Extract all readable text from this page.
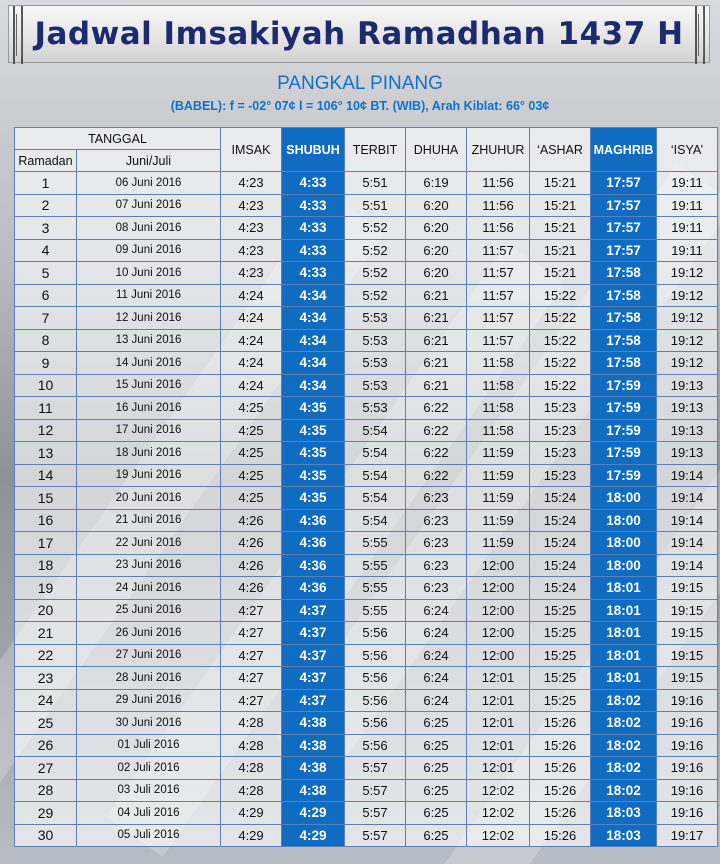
Jadwal Imsakiyah Ramadhan 1437 H
PANGKAL PINANG
(BABEL): f = -02° 07¢ l = 106° 10¢ BT. (WIB), Arah Kiblat: 66° 03¢
TANGGAL		IMSAK	SHUBUH	TERBIT	DHUHA	ZHUHUR	‘ASHAR	MAGHRIB	‘ISYA’
Ramadan	Juni/Juli								
1	06 Juni 2016	4:23	4:33	5:51	6:19	11:56	15:21	17:57	19:11
2	07 Juni 2016	4:23	4:33	5:51	6:20	11:56	15:21	17:57	19:11
3	08 Juni 2016	4:23	4:33	5:52	6:20	11:56	15:21	17:57	19:11
4	09 Juni 2016	4:23	4:33	5:52	6:20	11:57	15:21	17:57	19:11
5	10 Juni 2016	4:23	4:33	5:52	6:20	11:57	15:21	17:58	19:12
6	11 Juni 2016	4:24	4:34	5:52	6:21	11:57	15:22	17:58	19:12
7	12 Juni 2016	4:24	4:34	5:53	6:21	11:57	15:22	17:58	19:12
8	13 Juni 2016	4:24	4:34	5:53	6:21	11:57	15:22	17:58	19:12
9	14 Juni 2016	4:24	4:34	5:53	6:21	11:58	15:22	17:58	19:12
10	15 Juni 2016	4:24	4:34	5:53	6:21	11:58	15:22	17:59	19:13
11	16 Juni 2016	4:25	4:35	5:53	6:22	11:58	15:23	17:59	19:13
12	17 Juni 2016	4:25	4:35	5:54	6:22	11:58	15:23	17:59	19:13
13	18 Juni 2016	4:25	4:35	5:54	6:22	11:59	15:23	17:59	19:13
14	19 Juni 2016	4:25	4:35	5:54	6:22	11:59	15:23	17:59	19:14
15	20 Juni 2016	4:25	4:35	5:54	6:23	11:59	15:24	18:00	19:14
16	21 Juni 2016	4:26	4:36	5:54	6:23	11:59	15:24	18:00	19:14
17	22 Juni 2016	4:26	4:36	5:55	6:23	11:59	15:24	18:00	19:14
18	23 Juni 2016	4:26	4:36	5:55	6:23	12:00	15:24	18:00	19:14
19	24 Juni 2016	4:26	4:36	5:55	6:23	12:00	15:24	18:01	19:15
20	25 Juni 2016	4:27	4:37	5:55	6:24	12:00	15:25	18:01	19:15
21	26 Juni 2016	4:27	4:37	5:56	6:24	12:00	15:25	18:01	19:15
22	27 Juni 2016	4:27	4:37	5:56	6:24	12:00	15:25	18:01	19:15
23	28 Juni 2016	4:27	4:37	5:56	6:24	12:01	15:25	18:01	19:15
24	29 Juni 2016	4:27	4:37	5:56	6:24	12:01	15:25	18:02	19:16
25	30 Juni 2016	4:28	4:38	5:56	6:25	12:01	15:26	18:02	19:16
26	01 Juli 2016	4:28	4:38	5:56	6:25	12:01	15:26	18:02	19:16
27	02 Juli 2016	4:28	4:38	5:57	6:25	12:01	15:26	18:02	19:16
28	03 Juli 2016	4:28	4:38	5:57	6:25	12:02	15:26	18:02	19:16
29	04 Juli 2016	4:29	4:29	5:57	6:25	12:02	15:26	18:03	19:16
30	05 Juli 2016	4:29	4:29	5:57	6:25	12:02	15:26	18:03	19:17
